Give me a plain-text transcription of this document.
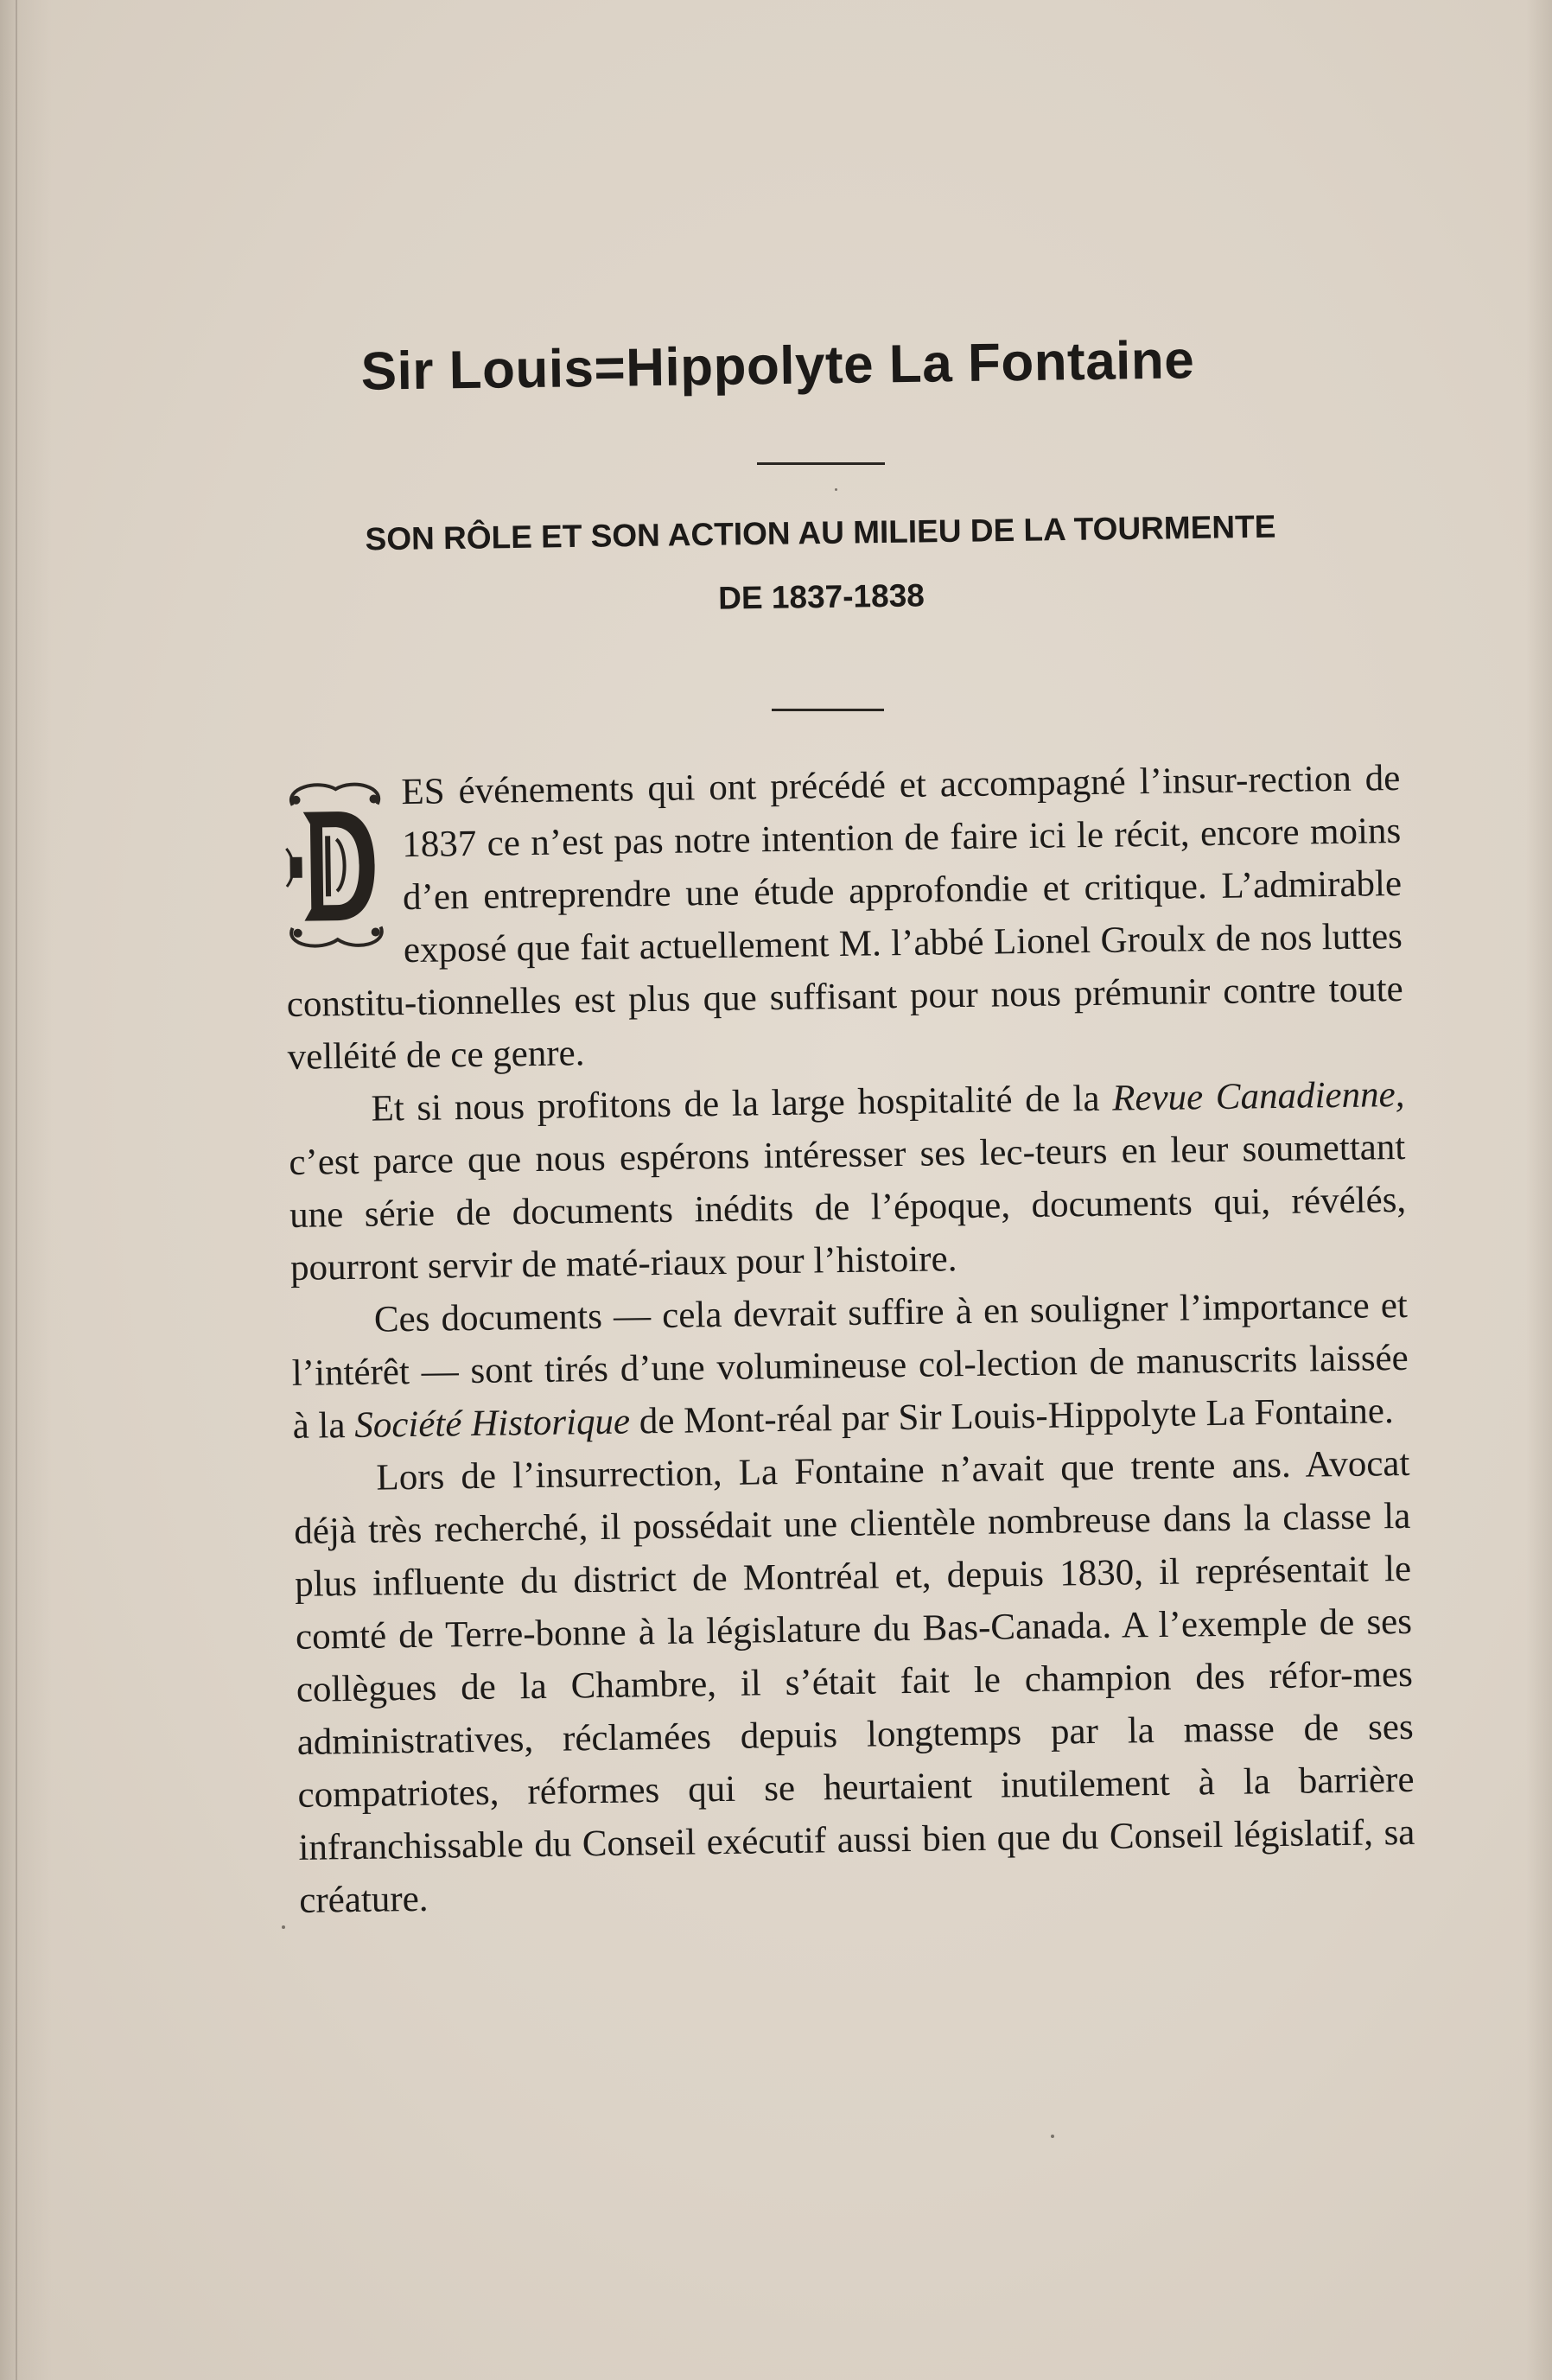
Sir Louis=Hippolyte La Fontaine
SON RÔLE ET SON ACTION AU MILIEU DE LA TOURMENTE
DE 1837-1838

ES événements qui ont précédé et accompagné l’insur-rection de 1837 ce n’est pas notre intention de faire ici le récit, encore moins d’en entreprendre une étude approfondie et critique. L’admirable exposé que fait actuellement M. l’abbé Lionel Groulx de nos luttes constitu-tionnelles est plus que suffisant pour nous prémunir contre toute velléité de ce genre.

Et si nous profitons de la large hospitalité de la Revue Canadienne, c’est parce que nous espérons intéresser ses lec-teurs en leur soumettant une série de documents inédits de l’époque, documents qui, révélés, pourront servir de maté-riaux pour l’histoire.

Ces documents — cela devrait suffire à en souligner l’importance et l’intérêt — sont tirés d’une volumineuse col-lection de manuscrits laissée à la Société Historique de Mont-réal par Sir Louis-Hippolyte La Fontaine.

Lors de l’insurrection, La Fontaine n’avait que trente ans. Avocat déjà très recherché, il possédait une clientèle nombreuse dans la classe la plus influente du district de Montréal et, depuis 1830, il représentait le comté de Terre-bonne à la législature du Bas-Canada. A l’exemple de ses collègues de la Chambre, il s’était fait le champion des réfor-mes administratives, réclamées depuis longtemps par la masse de ses compatriotes, réformes qui se heurtaient inutilement à la barrière infranchissable du Conseil exécutif aussi bien que du Conseil législatif, sa créature.
